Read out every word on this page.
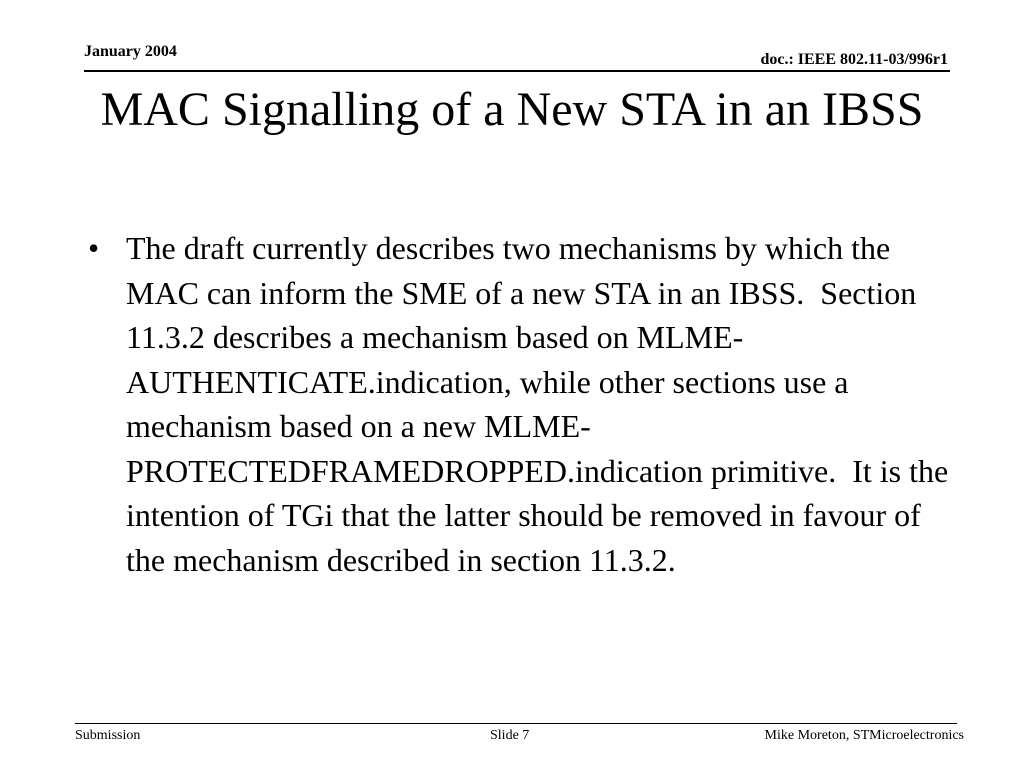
January 2004	doc.: IEEE 802.11-03/996r1
MAC Signalling of a New STA in an IBSS
• The draft currently describes two mechanisms by which the MAC can inform the SME of a new STA in an IBSS.  Section 11.3.2 describes a mechanism based on MLME-AUTHENTICATE.indication, while other sections use a mechanism based on a new MLME-PROTECTEDFRAMEDROPPED.indication primitive.  It is the intention of TGi that the latter should be removed in favour of the mechanism described in section 11.3.2.
Submission	Slide 7	Mike Moreton, STMicroelectronics
